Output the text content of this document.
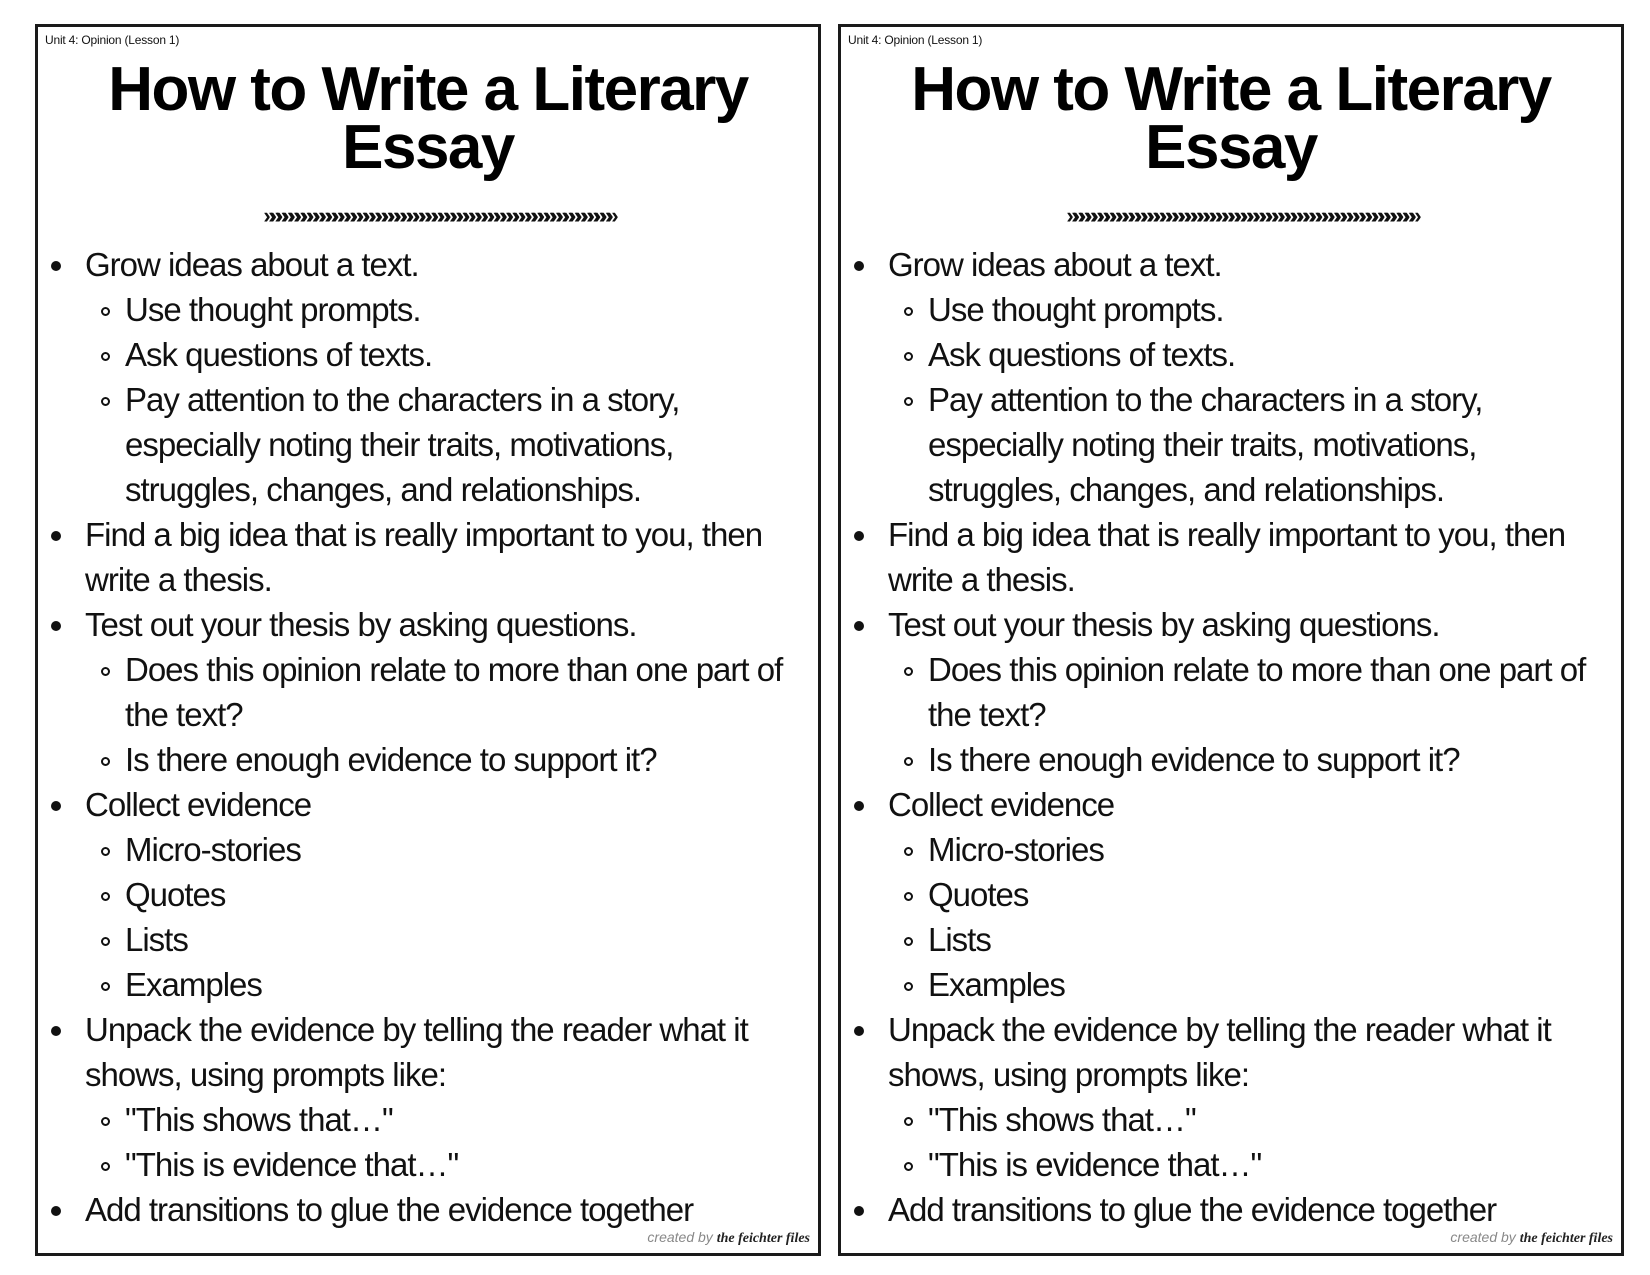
Unit 4: Opinion (Lesson 1)
How to Write a Literary
Essay
»»»»»»»»»»»»»»»»»»»»»»»»»»»»»»»»»»»»»»»»»»»»»»»»»»»»»»»»
Grow ideas about a text.
Use thought prompts.
Ask questions of texts.
Pay attention to the characters in a story, especially noting their traits, motivations, struggles, changes, and relationships.
Find a big idea that is really important to you, then write a thesis.
Test out your thesis by asking questions.
Does this opinion relate to more than one part of the text?
Is there enough evidence to support it?
Collect evidence
Micro-stories
Quotes
Lists
Examples
Unpack the evidence by telling the reader what it shows, using prompts like:
"This shows that…"
"This is evidence that…"
Add transitions to glue the evidence together
created by the feichter files
Unit 4: Opinion (Lesson 1)
How to Write a Literary
Essay
»»»»»»»»»»»»»»»»»»»»»»»»»»»»»»»»»»»»»»»»»»»»»»»»»»»»»»»»
Grow ideas about a text.
Use thought prompts.
Ask questions of texts.
Pay attention to the characters in a story, especially noting their traits, motivations, struggles, changes, and relationships.
Find a big idea that is really important to you, then write a thesis.
Test out your thesis by asking questions.
Does this opinion relate to more than one part of the text?
Is there enough evidence to support it?
Collect evidence
Micro-stories
Quotes
Lists
Examples
Unpack the evidence by telling the reader what it shows, using prompts like:
"This shows that…"
"This is evidence that…"
Add transitions to glue the evidence together
created by the feichter files
